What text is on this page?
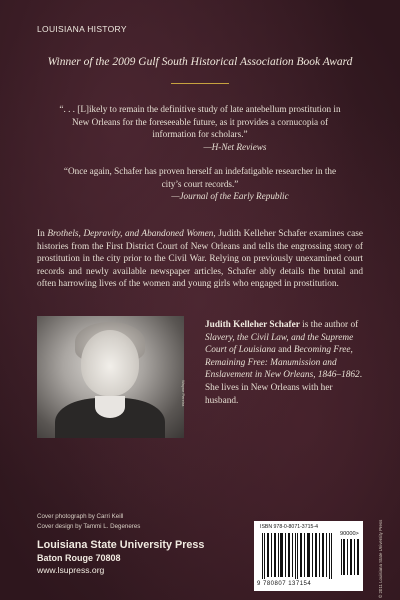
LOUISIANA HISTORY
Winner of the 2009 Gulf South Historical Association Book Award
“. . . [L]ikely to remain the definitive study of late antebellum prostitution in New Orleans for the foreseeable future, as it provides a cornucopia of information for scholars.”
—H-Net Reviews
“Once again, Schafer has proven herself an indefatigable researcher in the city’s court records.”
—Journal of the Early Republic
In Brothels, Depravity, and Abandoned Women, Judith Kelleher Schafer examines case histories from the First District Court of New Orleans and tells the engrossing story of prostitution in the city prior to the Civil War. Relying on previously unexamined court records and newly available newspaper articles, Schafer ably details the brutal and often harrowing lives of the women and young girls who engaged in prostitution.
Wayne Pereira
Judith Kelleher Schafer is the author of Slavery, the Civil Law, and the Supreme Court of Louisiana and Becoming Free, Remaining Free: Manumission and Enslavement in New Orleans, 1846–1862. She lives in New Orleans with her husband.
Cover photograph by Carri Keill
Cover design by Tammi L. Degeneres
Louisiana State University Press
Baton Rouge 70808
www.lsupress.org
ISBN 978-0-8071-3715-4
90000>
9 780807 137154	© 2011 Louisiana State University Press
